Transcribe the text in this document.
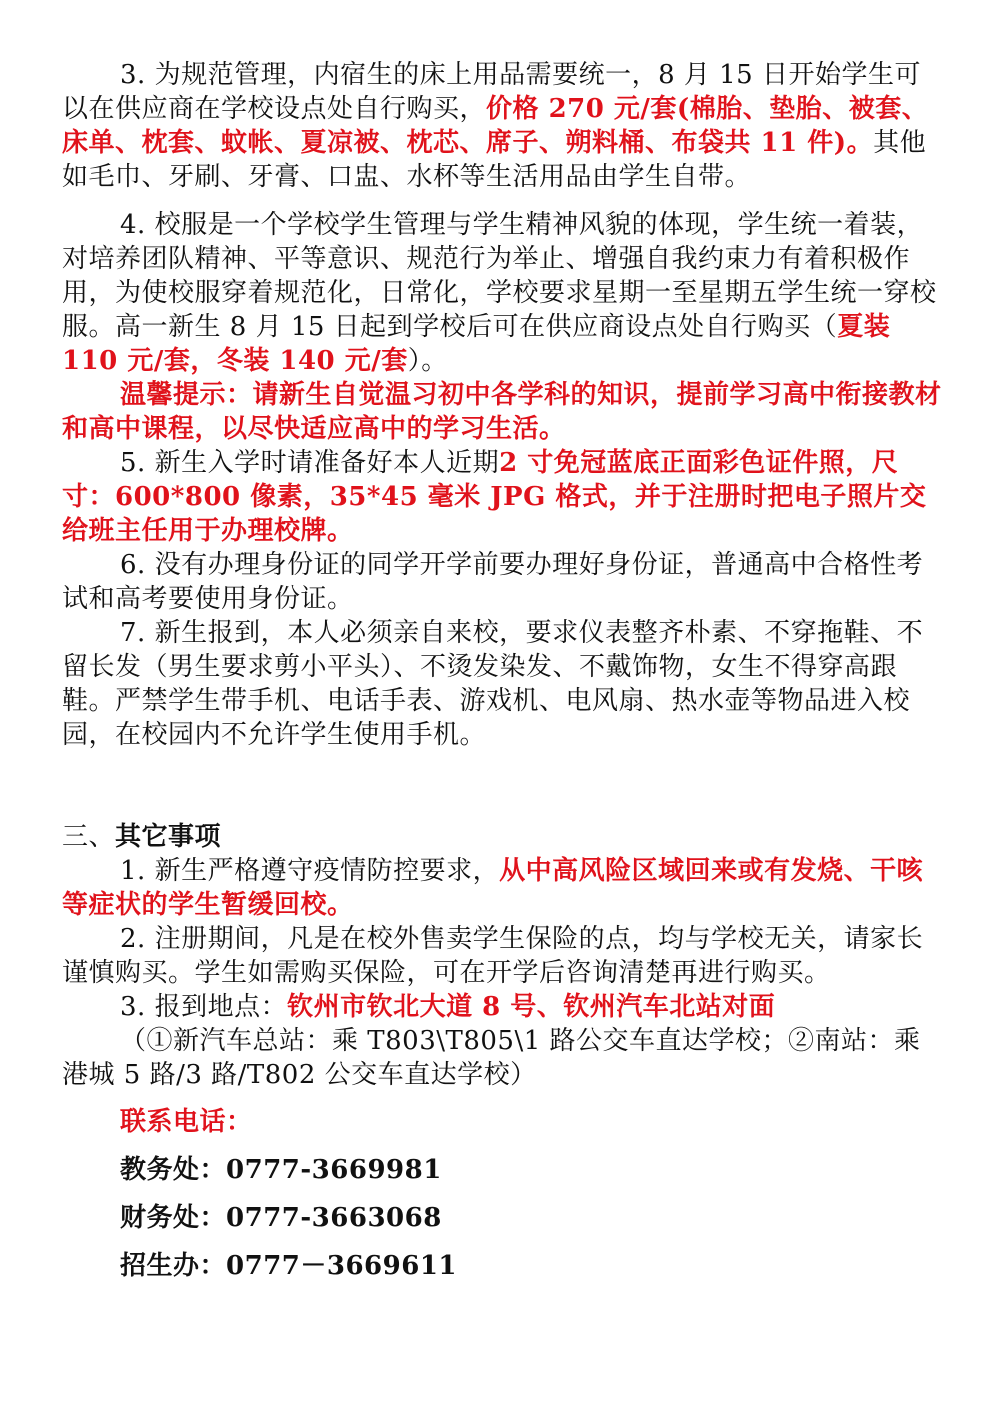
3. 为规范管理，内宿生的床上用品需要统一，8 月 15 日开始学生可以在供应商在学校设点处自行购买，价格 270 元/套(棉胎、垫胎、被套、床单、枕套、蚊帐、夏凉被、枕芯、席子、朔料桶、布袋共 11 件)。其他如毛巾、牙刷、牙膏、口盅、水杯等生活用品由学生自带。

4. 校服是一个学校学生管理与学生精神风貌的体现，学生统一着装，对培养团队精神、平等意识、规范行为举止、增强自我约束力有着积极作用，为使校服穿着规范化，日常化，学校要求星期一至星期五学生统一穿校服。高一新生 8 月 15 日起到学校后可在供应商设点处自行购买（夏装 110 元/套，冬装 140 元/套）。

温馨提示：请新生自觉温习初中各学科的知识，提前学习高中衔接教材和高中课程，以尽快适应高中的学习生活。

5. 新生入学时请准备好本人近期2 寸免冠蓝底正面彩色证件照，尺寸：600*800 像素，35*45 毫米 JPG 格式，并于注册时把电子照片交给班主任用于办理校牌。

6. 没有办理身份证的同学开学前要办理好身份证，普通高中合格性考试和高考要使用身份证。

7. 新生报到，本人必须亲自来校，要求仪表整齐朴素、不穿拖鞋、不留长发（男生要求剪小平头）、不烫发染发、不戴饰物，女生不得穿高跟鞋。严禁学生带手机、电话手表、游戏机、电风扇、热水壶等物品进入校园，在校园内不允许学生使用手机。

三、其它事项

1. 新生严格遵守疫情防控要求，从中高风险区域回来或有发烧、干咳等症状的学生暂缓回校。

2. 注册期间，凡是在校外售卖学生保险的点，均与学校无关，请家长谨慎购买。学生如需购买保险，可在开学后咨询清楚再进行购买。

3. 报到地点：钦州市钦北大道 8 号、钦州汽车北站对面

（①新汽车总站：乘 T803\T805\1 路公交车直达学校；②南站：乘港城 5 路/3 路/T802 公交车直达学校）

联系电话：

教务处：0777-3669981

财务处：0777-3663068

招生办：0777－3669611
